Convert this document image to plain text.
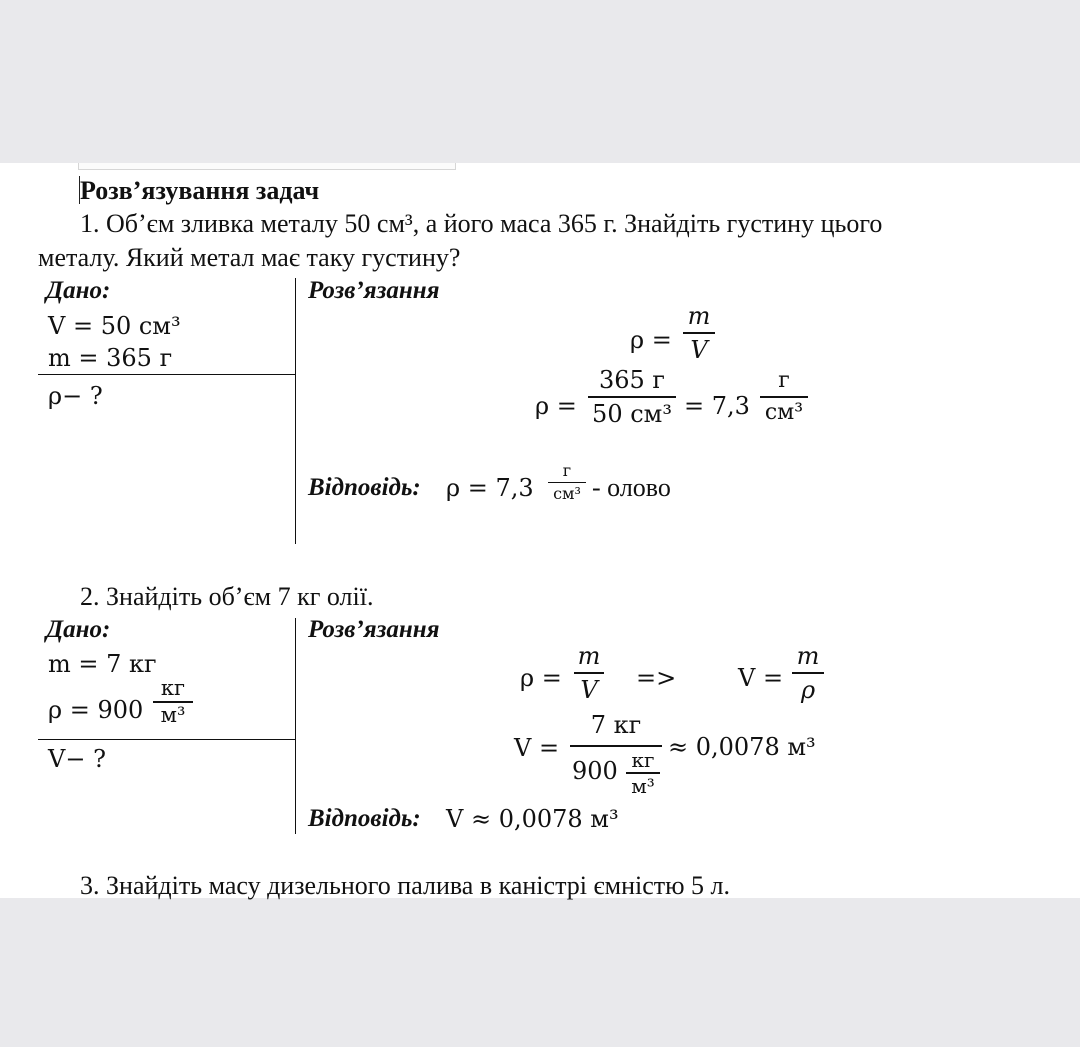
Розв’язування задач
1. Об’єм зливка металу 50 см³, а його маса 365 г. Знайдіть густину цього
металу. Який метал має таку густину?
Дано:
V = 50 см³
m = 365 г
ρ− ?
Розв’язання
ρ =
m
V
ρ =
365 г
50 см³ = 7,3
г
см³
Відповідь: ρ = 7,3
г
см³ - олово
2. Знайдіть об’єм 7 кг олії.
Дано:
m = 7 кг
ρ = 900
кг
м³
V− ?
Розв’язання
ρ =
m
V =>	V =
m
ρ
V =
7 кг
900 кг
м³
≈ 0,0078 м³
Відповідь: V ≈ 0,0078 м³
3. Знайдіть масу дизельного палива в каністрі ємністю 5 л.
